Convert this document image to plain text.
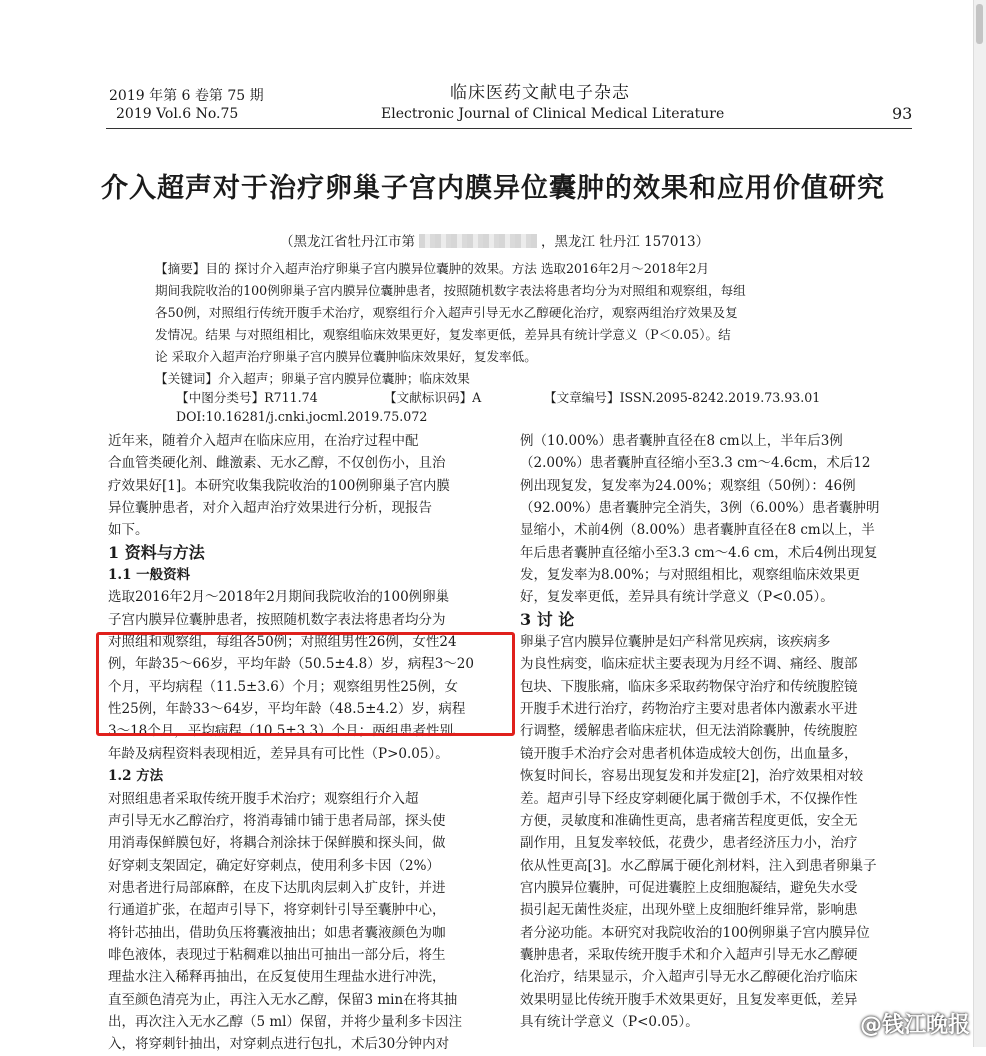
2019 年第 6 卷第 75 期
2019 Vol.6 No.75
临床医药文献电子杂志
Electronic Journal of Clinical Medical Literature	93
介入超声对于治疗卵巢子宫内膜异位囊肿的效果和应用价值研究
（黑龙江省牡丹江市第	，黑龙江 牡丹江 157013）
【摘要】目的 探讨介入超声治疗卵巢子宫内膜异位囊肿的效果。方法 选取2016年2月～2018年2月
期间我院收治的100例卵巢子宫内膜异位囊肿患者，按照随机数字表法将患者均分为对照组和观察组，每组
各50例，对照组行传统开腹手术治疗，观察组行介入超声引导无水乙醇硬化治疗，观察两组治疗效果及复
发情况。结果 与对照组相比，观察组临床效果更好，复发率更低，差异具有统计学意义（P＜0.05）。结
论 采取介入超声治疗卵巢子宫内膜异位囊肿临床效果好，复发率低。
【关键词】介入超声；卵巢子宫内膜异位囊肿；临床效果
【中图分类号】R711.74	【文献标识码】A	【文章编号】ISSN.2095-8242.2019.73.93.01
DOI:10.16281/j.cnki.jocml.2019.75.072
近年来，随着介入超声在临床应用，在治疗过程中配
合血管类硬化剂、雌激素、无水乙醇，不仅创伤小，且治
疗效果好[1]。本研究收集我院收治的100例卵巢子宫内膜
异位囊肿患者，对介入超声治疗效果进行分析，现报告
如下。
1 资料与方法
1.1 一般资料
选取2016年2月～2018年2月期间我院收治的100例卵巢
子宫内膜异位囊肿患者，按照随机数字表法将患者均分为
对照组和观察组，每组各50例；对照组男性26例，女性24
例，年龄35～66岁，平均年龄（50.5±4.8）岁，病程3～20
个月，平均病程（11.5±3.6）个月；观察组男性25例，女
性25例，年龄33～64岁，平均年龄（48.5±4.2）岁，病程
3～18个月，平均病程（10.5±3.3）个月；两组患者性别、
年龄及病程资料表现相近，差异具有可比性（P>0.05）。
1.2 方法
对照组患者采取传统开腹手术治疗；观察组行介入超
声引导无水乙醇治疗，将消毒铺巾铺于患者局部，探头使
用消毒保鲜膜包好，将耦合剂涂抹于保鲜膜和探头间，做
好穿刺支架固定，确定好穿刺点，使用利多卡因（2%）
对患者进行局部麻醉，在皮下达肌肉层刺入扩皮针，并进
行通道扩张，在超声引导下，将穿刺针引导至囊肿中心，
将针芯抽出，借助负压将囊液抽出；如患者囊液颜色为咖
啡色液体，表现过于粘稠难以抽出可抽出一部分后，将生
理盐水注入稀释再抽出，在反复使用生理盐水进行冲洗，
直至颜色清亮为止，再注入无水乙醇，保留3 min在将其抽
出，再次注入无水乙醇（5 ml）保留，并将少量利多卡因注
入，将穿刺针抽出，对穿刺点进行包扎，术后30分钟内对
例（10.00%）患者囊肿直径在8 cm以上，半年后3例
（2.00%）患者囊肿直径缩小至3.3 cm～4.6cm，术后12
例出现复发，复发率为24.00%；观察组（50例）：46例
（92.00%）患者囊肿完全消失，3例（6.00%）患者囊肿明
显缩小，术前4例（8.00%）患者囊肿直径在8 cm以上，半
年后患者囊肿直径缩小至3.3 cm～4.6 cm，术后4例出现复
发，复发率为8.00%；与对照组相比，观察组临床效果更
好，复发率更低，差异具有统计学意义（P<0.05）。
3 讨 论
卵巢子宫内膜异位囊肿是妇产科常见疾病，该疾病多
为良性病变，临床症状主要表现为月经不调、痛经、腹部
包块、下腹胀痛，临床多采取药物保守治疗和传统腹腔镜
开腹手术进行治疗，药物治疗主要对患者体内激素水平进
行调整，缓解患者临床症状，但无法消除囊肿，传统腹腔
镜开腹手术治疗会对患者机体造成较大创伤，出血量多，
恢复时间长，容易出现复发和并发症[2]，治疗效果相对较
差。超声引导下经皮穿刺硬化属于微创手术，不仅操作性
方便，灵敏度和准确性更高，患者痛苦程度更低，安全无
副作用，且复发率较低，花费少，患者经济压力小，治疗
依从性更高[3]。水乙醇属于硬化剂材料，注入到患者卵巢子
宫内膜异位囊肿，可促进囊腔上皮细胞凝结，避免失水受
损引起无菌性炎症，出现外壁上皮细胞纤维异常，影响患
者分泌功能。本研究对我院收治的100例卵巢子宫内膜异位
囊肿患者，采取传统开腹手术和介入超声引导无水乙醇硬
化治疗，结果显示，介入超声引导无水乙醇硬化治疗临床
效果明显比传统开腹手术效果更好，且复发率更低，差异
具有统计学意义（P<0.05）。	@钱江晚报
